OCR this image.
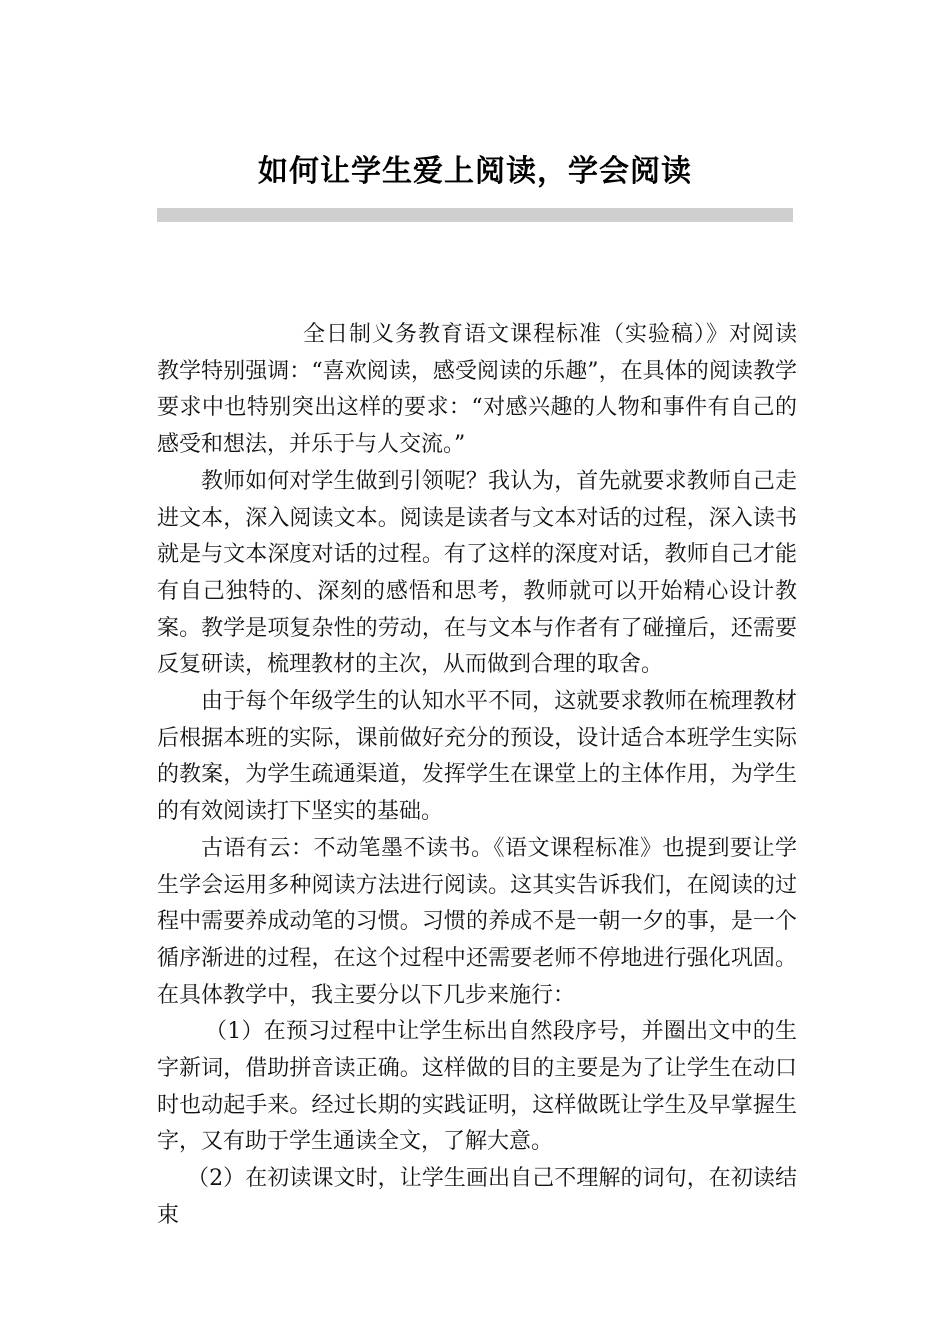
如何让学生爱上阅读，学会阅读

全日制义务教育语文课程标准（实验稿）》对阅读教学特别强调：“喜欢阅读，感受阅读的乐趣”，在具体的阅读教学要求中也特别突出这样的要求：“对感兴趣的人物和事件有自己的感受和想法，并乐于与人交流。”

教师如何对学生做到引领呢？我认为，首先就要求教师自己走进文本，深入阅读文本。阅读是读者与文本对话的过程，深入读书就是与文本深度对话的过程。有了这样的深度对话，教师自己才能有自己独特的、深刻的感悟和思考，教师就可以开始精心设计教案。教学是项复杂性的劳动，在与文本与作者有了碰撞后，还需要反复研读，梳理教材的主次，从而做到合理的取舍。

由于每个年级学生的认知水平不同，这就要求教师在梳理教材后根据本班的实际，课前做好充分的预设，设计适合本班学生实际的教案，为学生疏通渠道，发挥学生在课堂上的主体作用，为学生的有效阅读打下坚实的基础。

古语有云：不动笔墨不读书。《语文课程标准》也提到要让学生学会运用多种阅读方法进行阅读。这其实告诉我们，在阅读的过程中需要养成动笔的习惯。习惯的养成不是一朝一夕的事，是一个循序渐进的过程，在这个过程中还需要老师不停地进行强化巩固。在具体教学中，我主要分以下几步来施行：

（1）在预习过程中让学生标出自然段序号，并圈出文中的生字新词，借助拼音读正确。这样做的目的主要是为了让学生在动口时也动起手来。经过长期的实践证明，这样做既让学生及早掌握生字，又有助于学生通读全文，了解大意。

（2）在初读课文时，让学生画出自己不理解的词句，在初读结束
